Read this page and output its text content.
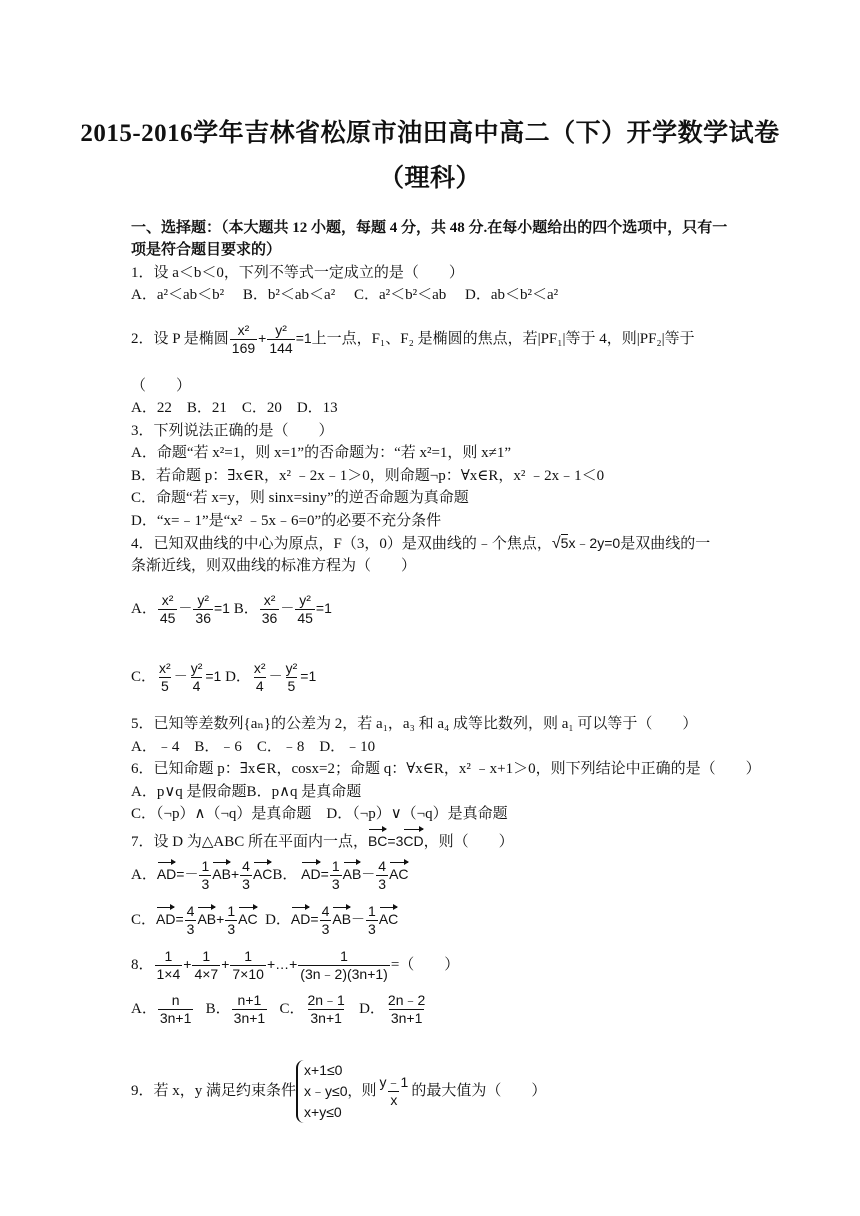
2015-2016学年吉林省松原市油田高中高二（下）开学数学试卷
（理科）
一、选择题：（本大题共 12 小题，每题 4 分，共 48 分.在每小题给出的四个选项中，只有一
项是符合题目要求的）
1．设 a＜b＜0，下列不等式一定成立的是（　　）
A．a²＜ab＜b²　 B．b²＜ab＜a²　 C．a²＜b²＜ab　 D．ab＜b²＜a²
2．设 P 是椭圆 $\frac{\text{x²}}{169} + \frac{\text{y²}}{144} =1$上一点，F₁、F₂ 是椭圆的焦点，若|PF₁|等于 4，则|PF₂|等于
（　　）
A．22　B．21　C．20　D．13
3．下列说法正确的是（　　）
A．命题“若 x²=1，则 x=1”的否命题为：“若 x²=1，则 x≠1”
B．若命题 p：∃x∈R，x² ﹣2x﹣1＞0，则命题¬p：∀x∈R，x² ﹣2x﹣1＜0
C．命题“若 x=y，则 sinx=siny”的逆否命题为真命题
D．“x=﹣1”是“x² ﹣5x﹣6=0”的必要不充分条件
4．已知双曲线的中心为原点，F（3，0）是双曲线的﹣个焦点，√5x﹣2y=0是双曲线的一
条渐近线，则双曲线的标准方程为（　　）
A． $\frac{\text{x²}}{45} - \frac{\text{y²}}{36} =1$ B． $\frac{\text{x²}}{36} - \frac{\text{y²}}{45} =1$
C． $\frac{\text{x²}}{5} - \frac{\text{y²}}{4} =1$ D． $\frac{\text{x²}}{4} - \frac{\text{y²}}{5} =1$
5．已知等差数列{aₙ}的公差为 2，若 a₁，a₃ 和 a₄ 成等比数列，则 a₁ 可以等于（　　）
A．﹣4　B．﹣6　C．﹣8　D．﹣10
6．已知命题 p：∃x∈R，cosx=2；命题 q：∀x∈R，x² ﹣x+1＞0，则下列结论中正确的是（　　）
A．p∨q 是假命题B．p∧q 是真命题
C．（¬p）∧（¬q）是真命题　D．（¬p）∨（¬q）是真命题
7．设 D 为△ABC 所在平面内一点，BC=3CD，则（　　）
A．$AD=- \frac{1}{3} AB+ \frac{4}{3}$ ACB． $AD= \frac{1}{3} AB- \frac{4}{3}$ AC
C．$AD= \frac{4}{3} AB+ \frac{1}{3}$ AC D．$AD= \frac{4}{3} AB- \frac{1}{3}$ AC
8． $\frac{1}{1\times 4} + \frac{1}{4\times 7} + \frac{1}{7\times 10}$ +…+ $\frac{1}{(3n﹣2)(3n+1)}$ =（　　）
A． $\frac{n}{3n+1}$ B． $\frac{n+1}{3n+1}$ C． $\frac{2n﹣1}{3n+1}$ D． $\frac{2n﹣2}{3n+1}$
9．若 x，y 满足约束条件
x+1≤0
x﹣y≤0，
x+y≤0
则 $\frac{y﹣1}{x}$ 的最大值为（　　）
